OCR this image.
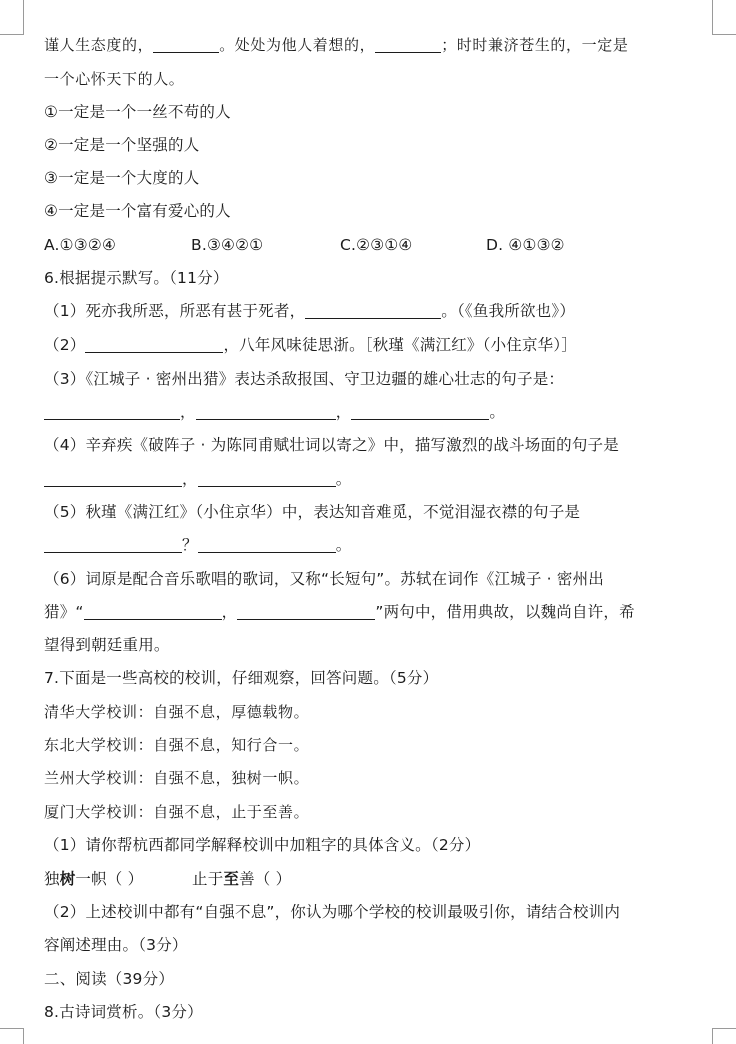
谨人生态度的，	。处处为他人着想的，	；时时兼济苍生的，一定是
一个心怀天下的人。
①一定是一个一丝不苟的人
②一定是一个坚强的人
③一定是一个大度的人
④一定是一个富有爱心的人
A.①③②④	B.③④②①	C.②③①④	D. ④①③②
6.根据提示默写。（11分）
（1）死亦我所恶，所恶有甚于死者，	。（《鱼我所欲也》）
（2）	，八年风味徒思浙。［秋瑾《满江红》（小住京华）］
（3）《江城子 · 密州出猎》表达杀敌报国、守卫边疆的雄心壮志的句子是：
，	，	。
（4）辛弃疾《破阵子 · 为陈同甫赋壮词以寄之》中，描写激烈的战斗场面的句子是
，	。
（5）秋瑾《满江红》（小住京华）中，表达知音难觅，不觉泪湿衣襟的句子是
？	。
（6）词原是配合音乐歌唱的歌词，又称“长短句”。苏轼在词作《江城子 · 密州出
猎》“	，	”两句中，借用典故，以魏尚自许，希
望得到朝廷重用。
7.下面是一些高校的校训，仔细观察，回答问题。（5分）
清华大学校训：自强不息，厚德载物。
东北大学校训：自强不息，知行合一。
兰州大学校训：自强不息，独树一帜。
厦门大学校训：自强不息，止于至善。
（1）请你帮杭西都同学解释校训中加粗字的具体含义。（2分）
独树一帜（ ）	止于至善（ ）
（2）上述校训中都有“自强不息”，你认为哪个学校的校训最吸引你，请结合校训内
容阐述理由。（3分）
二、阅读（39分）
8.古诗词赏析。（3分）
